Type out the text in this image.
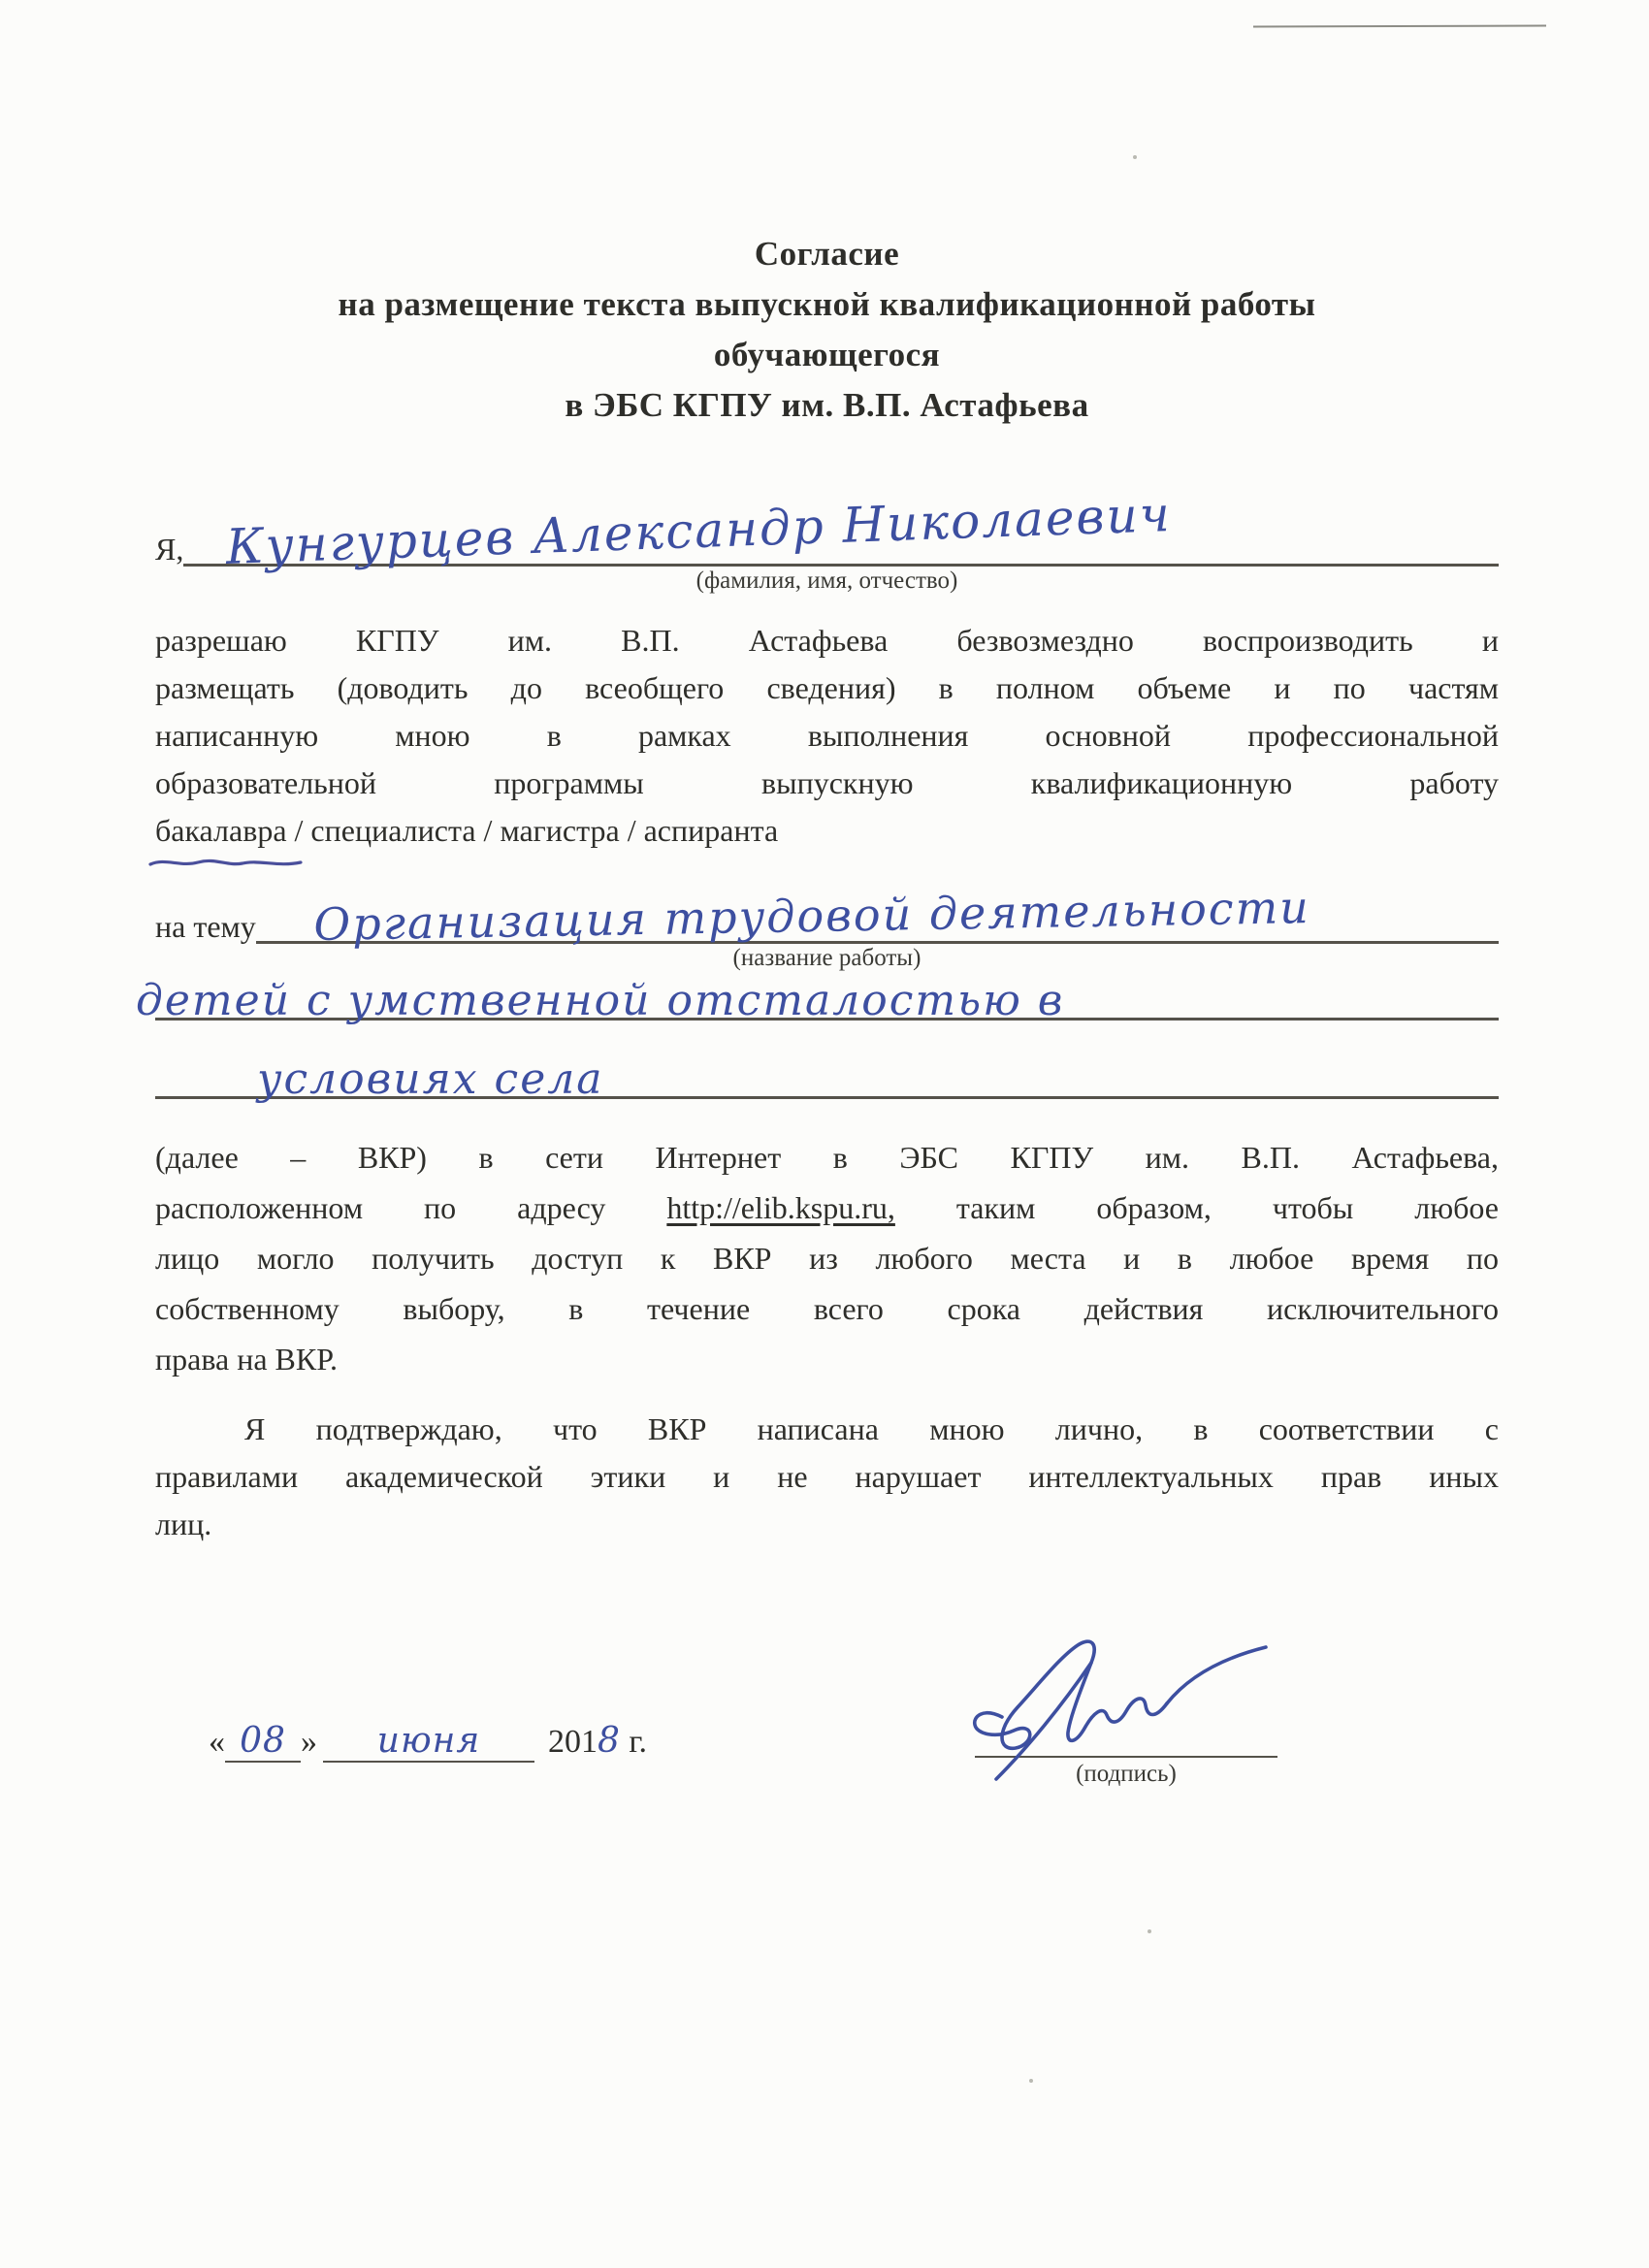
Согласие
на размещение текста выпускной квалификационной работы
обучающегося
в ЭБС КГПУ им. В.П. Астафьева
Я, Кунгурцев Александр Николаевич
(фамилия, имя, отчество)
разрешаю КГПУ им. В.П. Астафьева безвозмездно воспроизводить и
размещать (доводить до всеобщего сведения) в полном объеме и по частям
написанную мною в рамках выполнения основной профессиональной
образовательной программы выпускную квалификационную работу
бакалавра
/ специалиста / магистра / аспиранта
на тему Организация трудовой деятельности
(название работы)
детей с умственной отсталостью в
условиях села
(далее – ВКР) в сети Интернет в ЭБС КГПУ им. В.П. Астафьева,
расположенном по адресу http://elib.kspu.ru, таким образом, чтобы любое
лицо могло получить доступ к ВКР из любого места и в любое время по
собственному выбору, в течение всего срока действия исключительного
права на ВКР.
Я подтверждаю, что ВКР написана мною лично, в соответствии с
правилами академической этики и не нарушает интеллектуальных прав иных
лиц.
« 08 » июня 2018 г.
(подпись)
